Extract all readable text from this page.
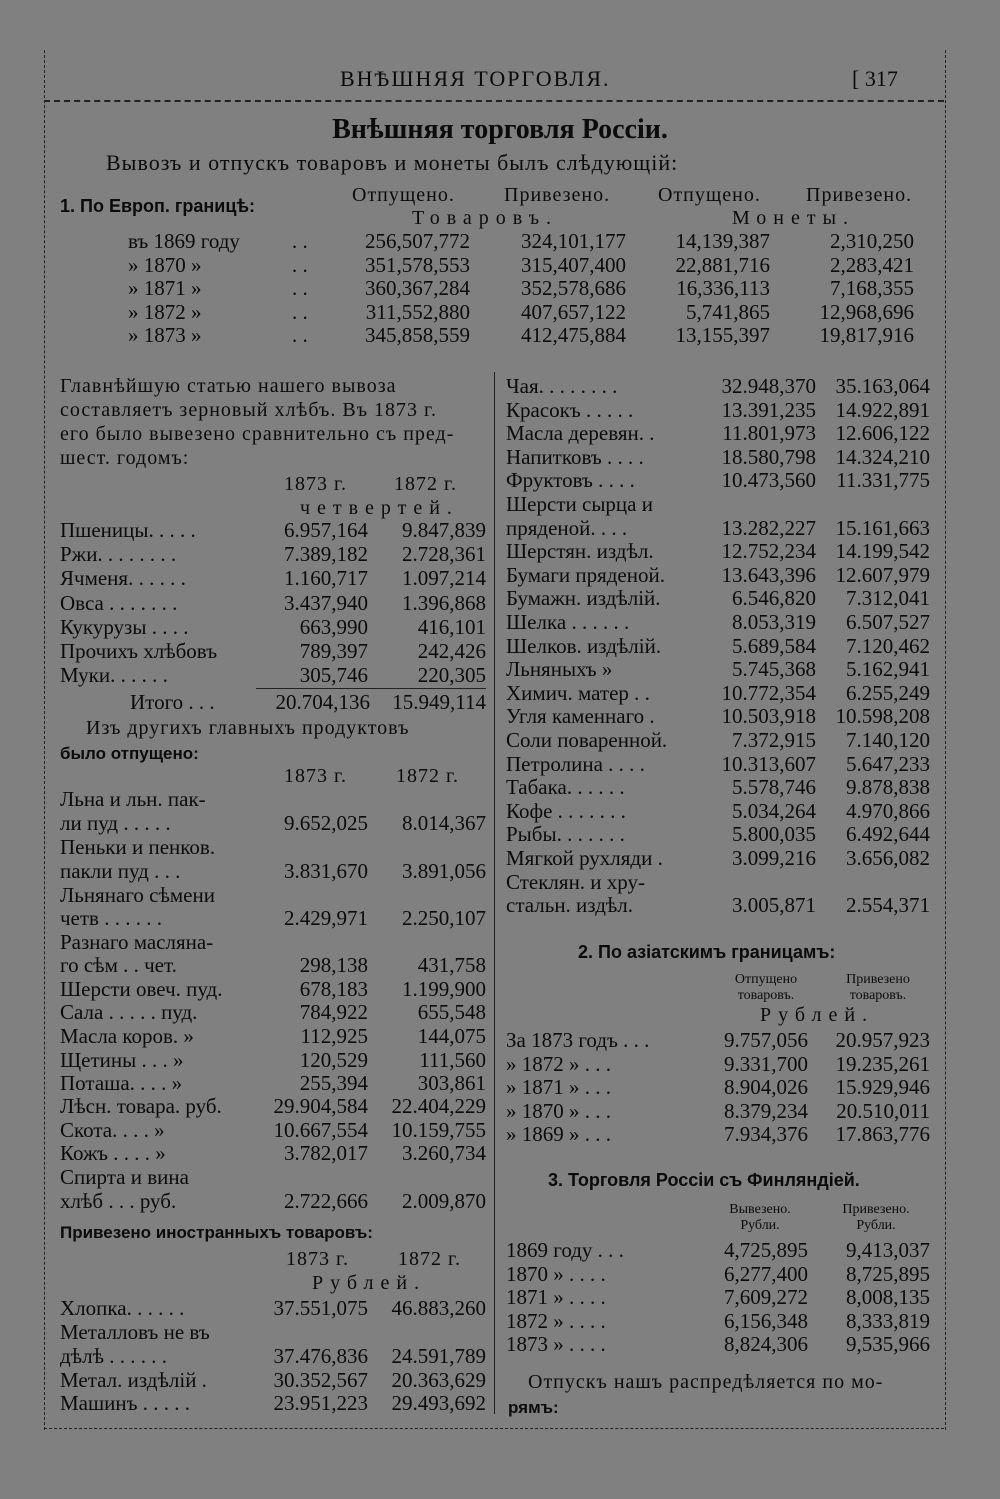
ВНѢШНЯЯ ТОРГОВЛЯ.	[ 317
Внѣшняя торговля Россіи.
Вывозъ и отпускъ товаровъ и монеты былъ слѣдующій:
1. По Европ. границѣ:	Отпущено. Привезено. Отпущено. Привезено.
Товаровъ.	Монеты.
въ 1869 году . .	256,507,772	324,101,177	14,139,387	2,310,250
» 1870 »	. .	351,578,553	315,407,400	22,881,716	2,283,421
» 1871 »	. .	360,367,284	352,578,686	16,336,113	7,168,355
» 1872 »	. .	311,552,880	407,657,122	5,741,865	12,968,696
» 1873 »	. .	345,858,559	412,475,884	13,155,397	19,817,916
Главнѣйшую статью нашего вывоза
составляетъ зерновый хлѣбъ. Въ 1873 г.
его было вывезено сравнительно съ пред-
шест. годомъ:
1873 г. 1872 г.
четвертей.
Пшеницы. . . . .	6.957,164	9.847,839
Ржи. . . . . . . .	7.389,182	2.728,361
Ячменя. . . . . .	1.160,717	1.097,214
Овса . . . . . . .	3.437,940	1.396,868
Кукурузы . . . .	663,990	416,101
Прочихъ хлѣбовъ	789,397	242,426
Муки. . . . . .	305,746	220,305
Итого . . .	20.704,136	15.949,114
Изъ другихъ главныхъ продуктовъ
было отпущено:
1873 г. 1872 г.
Льна и льн. пак-
ли пуд . . . . .	9.652,025	8.014,367
Пеньки и пенков.
пакли пуд . . .	3.831,670	3.891,056
Льнянаго сѣмени
четв . . . . . .	2.429,971	2.250,107
Разнаго масляна-
го сѣм . . чет.	298,138	431,758
Шерсти овеч. пуд.	678,183	1.199,900
Сала . . . . . пуд.	784,922	655,548
Масла коров. »	112,925	144,075
Щетины . . . »	120,529	111,560
Поташа. . . . »	255,394	303,861
Лѣсн. товара. руб.	29.904,584	22.404,229
Скота. . . . »	10.667,554	10.159,755
Кожъ . . . . »	3.782,017	3.260,734
Спирта и вина
хлѣб . . . руб.	2.722,666	2.009,870
Привезено иностранныхъ товаровъ:
1873 г. 1872 г.
Рублей.
Хлопка. . . . . .	37.551,075	46.883,260
Металловъ не въ
дѣлѣ . . . . . .	37.476,836	24.591,789
Метал. издѣлій .	30.352,567	20.363,629
Машинъ . . . . .	23.951,223	29.493,692
Чая. . . . . . . .	32.948,370 35.163,064
Красокъ . . . . .	13.391,235 14.922,891
Масла деревян. .	11.801,973 12.606,122
Напитковъ . . . .	18.580,798 14.324,210
Фруктовъ . . . .	10.473,560 11.331,775
Шерсти сырца и
пряденой. . . .	13.282,227 15.161,663
Шерстян. издѣл.	12.752,234 14.199,542
Бумаги пряденой.	13.643,396 12.607,979
Бумажн. издѣлій.	6.546,820	7.312,041
Шелка . . . . . .	8.053,319	6.507,527
Шелков. издѣлій.	5.689,584	7.120,462
Льняныхъ »	5.745,368	5.162,941
Химич. матер . .	10.772,354	6.255,249
Угля каменнаго .	10.503,918 10.598,208
Соли поваренной.	7.372,915	7.140,120
Петролина . . . .	10.313,607	5.647,233
Табака. . . . . .	5.578,746	9.878,838
Кофе . . . . . . .	5.034,264	4.970,866
Рыбы. . . . . . .	5.800,035	6.492,644
Мягкой рухляди .	3.099,216	3.656,082
Стеклян. и хру-
стальн. издѣл.	3.005,871	2.554,371
2. По азіатскимъ границамъ:
Отпущено
товаровъ.
Привезено
товаровъ.
Рублей.
За 1873 годъ . . .	9.757,056	20.957,923
» 1872 » . . .	9.331,700	19.235,261
» 1871 » . . .	8.904,026	15.929,946
» 1870 » . . .	8.379,234	20.510,011
» 1869 » . . .	7.934,376	17.863,776
3. Торговля Россіи съ Финляндіей.
Вывезено.
Рубли.
Привезено.
Рубли.
1869 году . . .	4,725,895	9,413,037
1870 » . . . .	6,277,400	8,725,895
1871 » . . . .	7,609,272	8,008,135
1872 » . . . .	6,156,348	8,333,819
1873 » . . . .	8,824,306	9,535,966
Отпускъ нашъ распредѣляется по мо-
рямъ:
